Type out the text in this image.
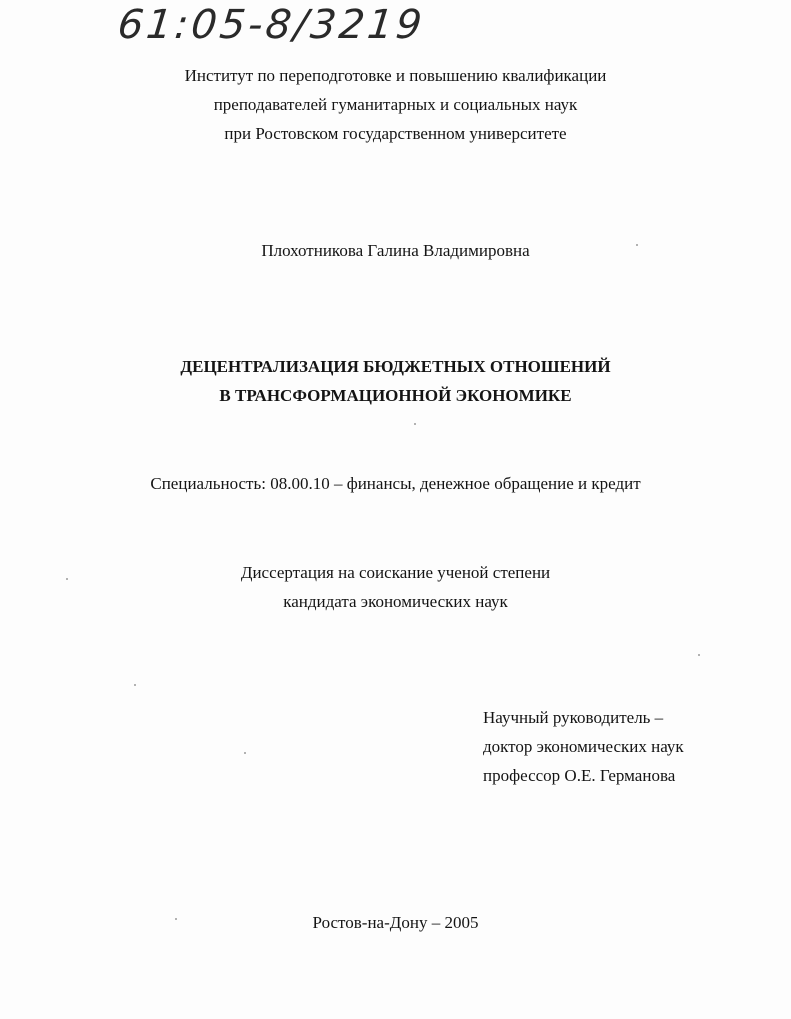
61:05-8/3219
Институт по переподготовке и повышению квалификации
преподавателей гуманитарных и социальных наук
при Ростовском государственном университете
Плохотникова Галина Владимировна
ДЕЦЕНТРАЛИЗАЦИЯ БЮДЖЕТНЫХ ОТНОШЕНИЙ
В ТРАНСФОРМАЦИОННОЙ ЭКОНОМИКЕ
Специальность: 08.00.10 – финансы, денежное обращение и кредит
Диссертация на соискание ученой степени
кандидата экономических наук
Научный руководитель –
доктор экономических наук
профессор О.Е. Германова
Ростов-на-Дону – 2005
